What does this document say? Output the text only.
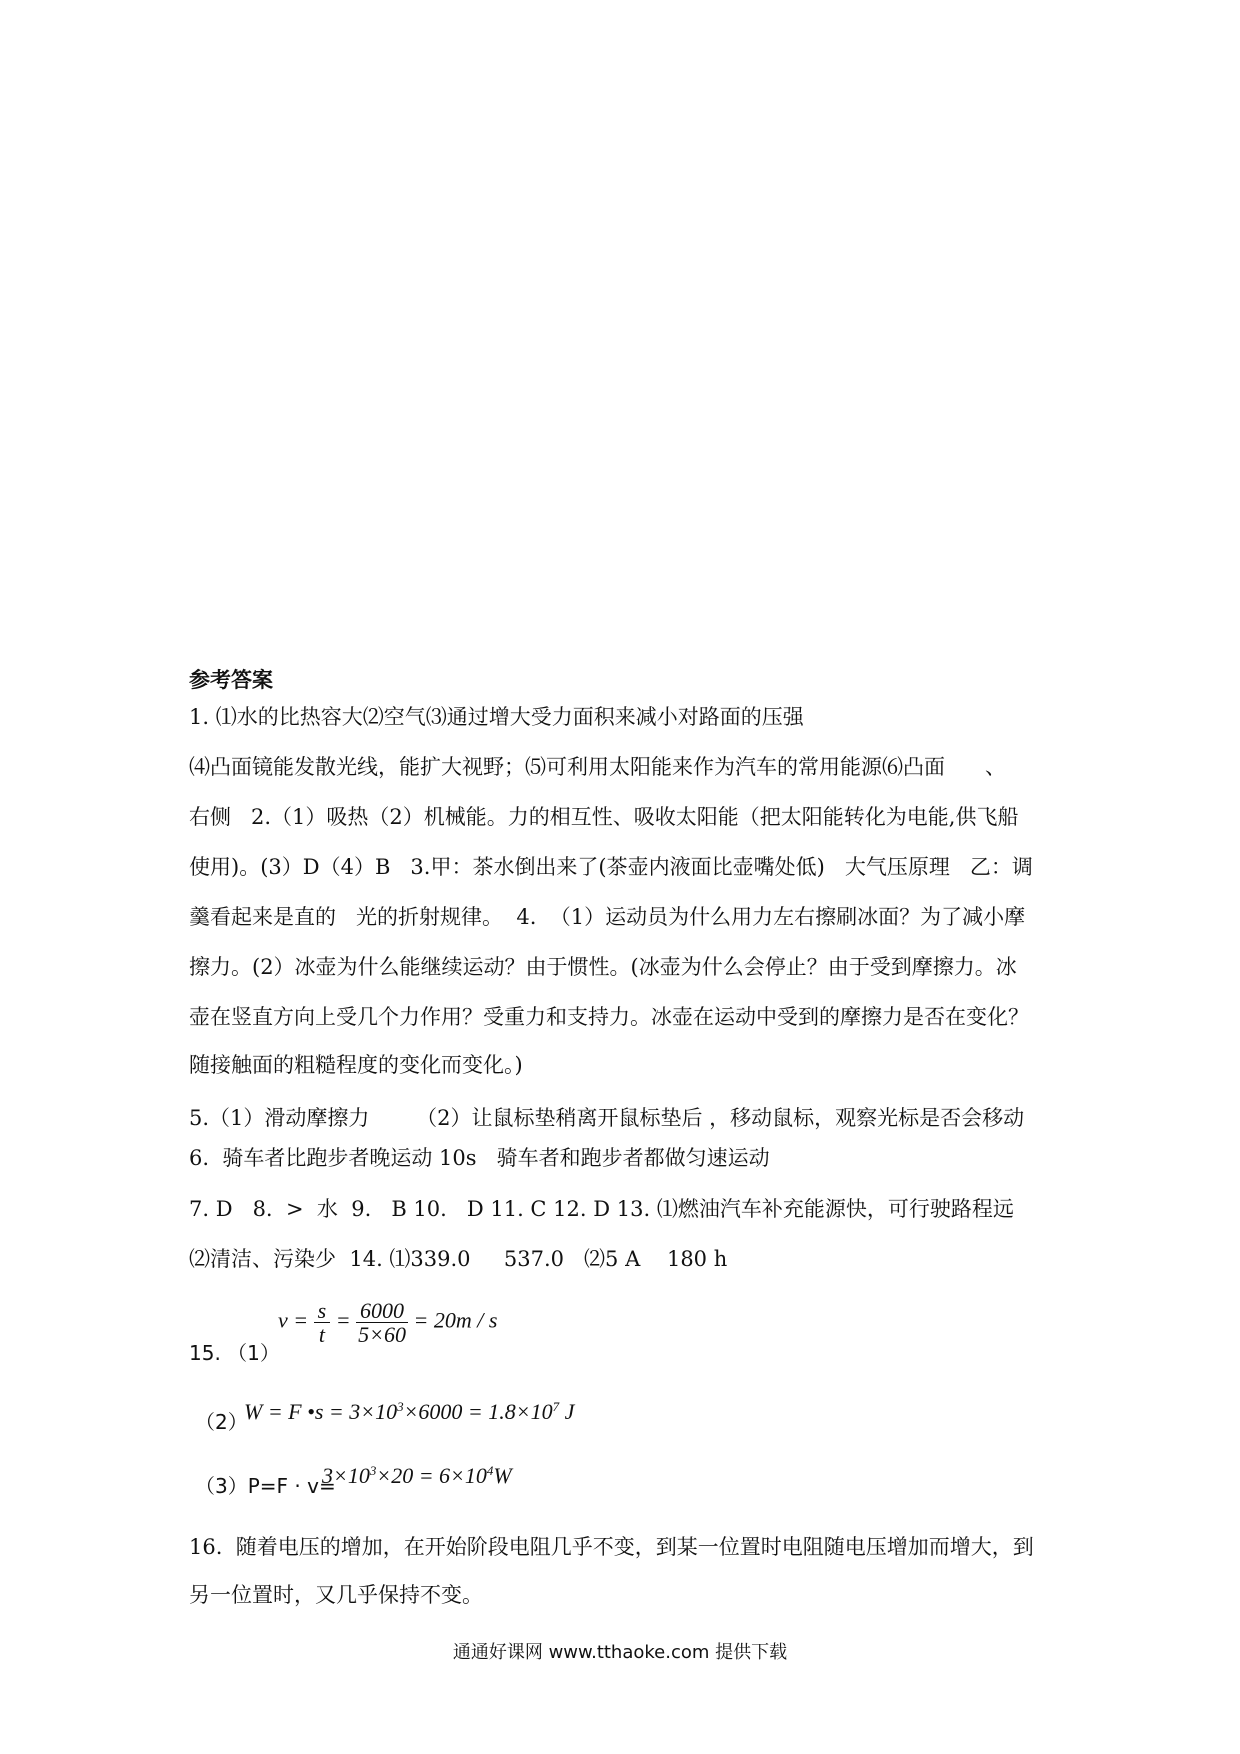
参考答案
1. ⑴水的比热容大⑵空气⑶通过增大受力面积来减小对路面的压强
⑷凸面镜能发散光线，能扩大视野；⑸可利用太阳能来作为汽车的常用能源⑹凸面      、
右侧   2.（1）吸热（2）机械能。力的相互性、吸收太阳能（把太阳能转化为电能,供飞船
使用)。(3）D（4）B   3.甲：茶水倒出来了(茶壶内液面比壶嘴处低)   大气压原理   乙：调
羹看起来是直的   光的折射规律。  4.  （1）运动员为什么用力左右擦刷冰面？为了减小摩
擦力。(2）冰壶为什么能继续运动？由于惯性。(冰壶为什么会停止？由于受到摩擦力。冰
壶在竖直方向上受几个力作用？受重力和支持力。冰壶在运动中受到的摩擦力是否在变化？
随接触面的粗糙程度的变化而变化。)
5.（1）滑动摩擦力       （2）让鼠标垫稍离开鼠标垫后 ，移动鼠标，观察光标是否会移动
6.  骑车者比跑步者晚运动 10s   骑车者和跑步者都做匀速运动
7. D   8.  >  水  9.   B 10.   D 11. C 12. D 13. ⑴燃油汽车补充能源快，可行驶路程远
⑵清洁、污染少  14. ⑴339.0     537.0   ⑵5 A    180 h
15. （1）
$v = \frac{s}{t} = \frac{6000}{5\times 60} = 20m / s$
（2）
W = F •s = $3\times 10^3\times 6000 = 1.8\times 10^7$ J
（3）P=F · v=
$3\times 10^3\times 20 = 6\times 10^4W$
16.  随着电压的增加，在开始阶段电阻几乎不变，到某一位置时电阻随电压增加而增大，到
另一位置时，又几乎保持不变。
通通好课网 www.tthaoke.com 提供下载
